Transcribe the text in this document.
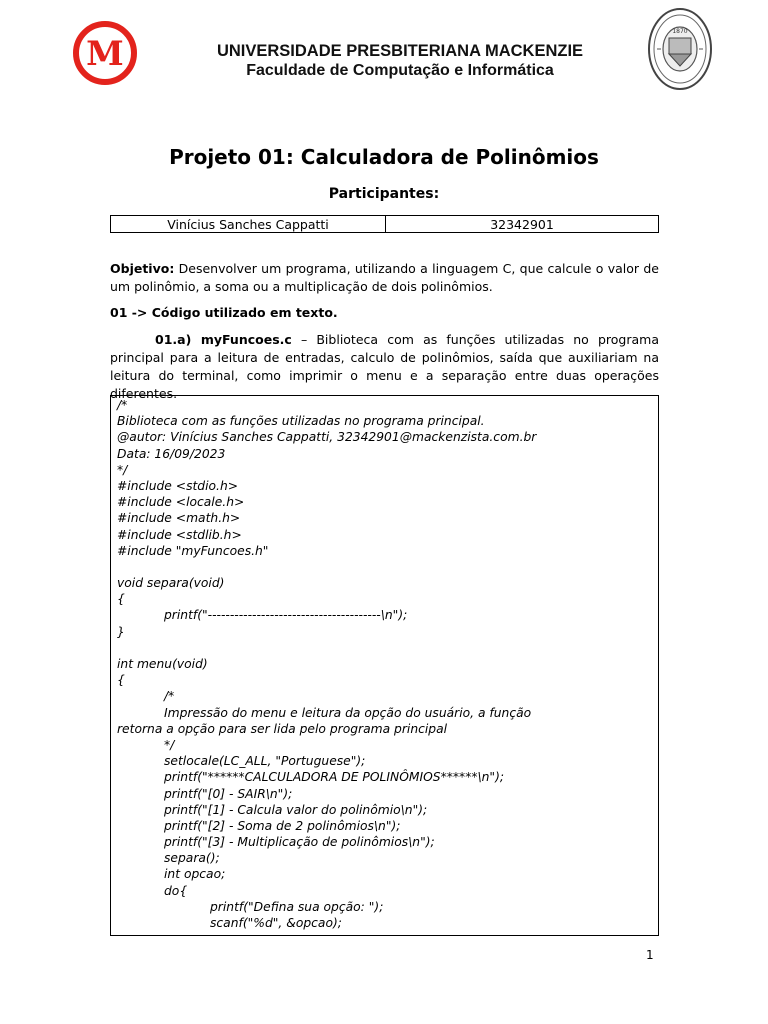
M
1870
UNIVERSIDADE PRESBITERIANA MACKENZIE
Faculdade de Computação e Informática
Projeto 01: Calculadora de Polinômios
Participantes:
Vinícius Sanches Cappatti	32342901
Objetivo: Desenvolver um programa, utilizando a linguagem C, que calcule o valor de um polinômio, a soma ou a multiplicação de dois polinômios.
01 -> Código utilizado em texto.
01.a) myFuncoes.c – Biblioteca com as funções utilizadas no programa principal para a leitura de entradas, calculo de polinômios, saída que auxiliariam na leitura do terminal, como imprimir o menu e a separação entre duas operações diferentes.
/*
Biblioteca com as funções utilizadas no programa principal.
@autor: Vinícius Sanches Cappatti, 32342901@mackenzista.com.br
Data: 16/09/2023
*/
#include <stdio.h>
#include <locale.h>
#include <math.h>
#include <stdlib.h>
#include "myFuncoes.h"
void separa(void)
{
printf("---------------------------------------\n");
}
int menu(void)
{
/*
Impressão do menu e leitura da opção do usuário, a função
retorna a opção para ser lida pelo programa principal
*/
setlocale(LC_ALL, "Portuguese");
printf("******CALCULADORA DE POLINÔMIOS******\n");
printf("[0] - SAIR\n");
printf("[1] - Calcula valor do polinômio\n");
printf("[2] - Soma de 2 polinômios\n");
printf("[3] - Multiplicação de polinômios\n");
separa();
int opcao;
do{
printf("Defina sua opção: ");
scanf("%d", &opcao);
1
